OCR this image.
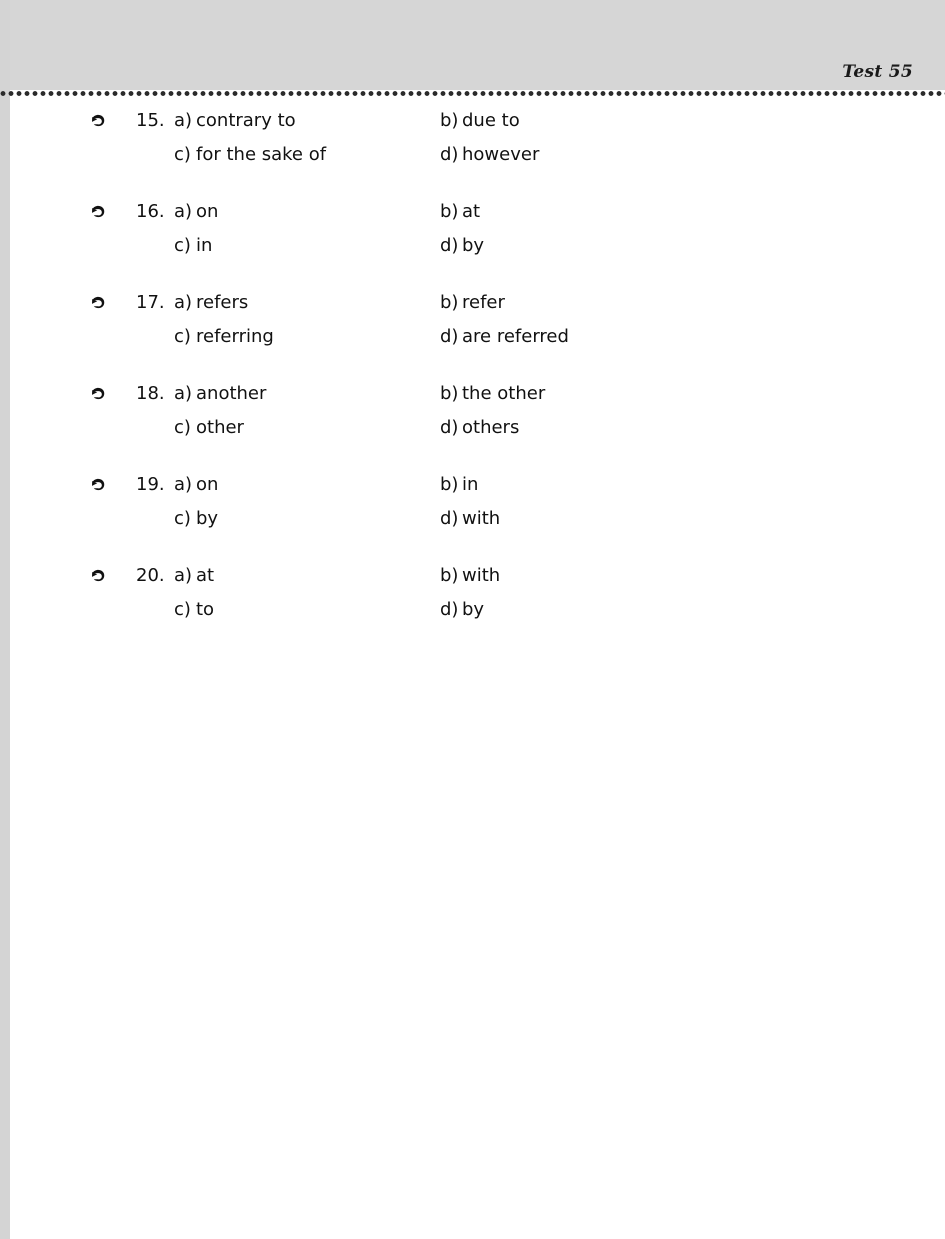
Test 55
15. a) contrary to	b) due to
c) for the sake of	d) however
16. a) on	b) at
c) in	d) by
17. a) refers	b) refer
c) referring	d) are referred
18. a) another	b) the other
c) other	d) others
19. a) on	b) in
c) by	d) with
20. a) at	b) with
c) to	d) by
